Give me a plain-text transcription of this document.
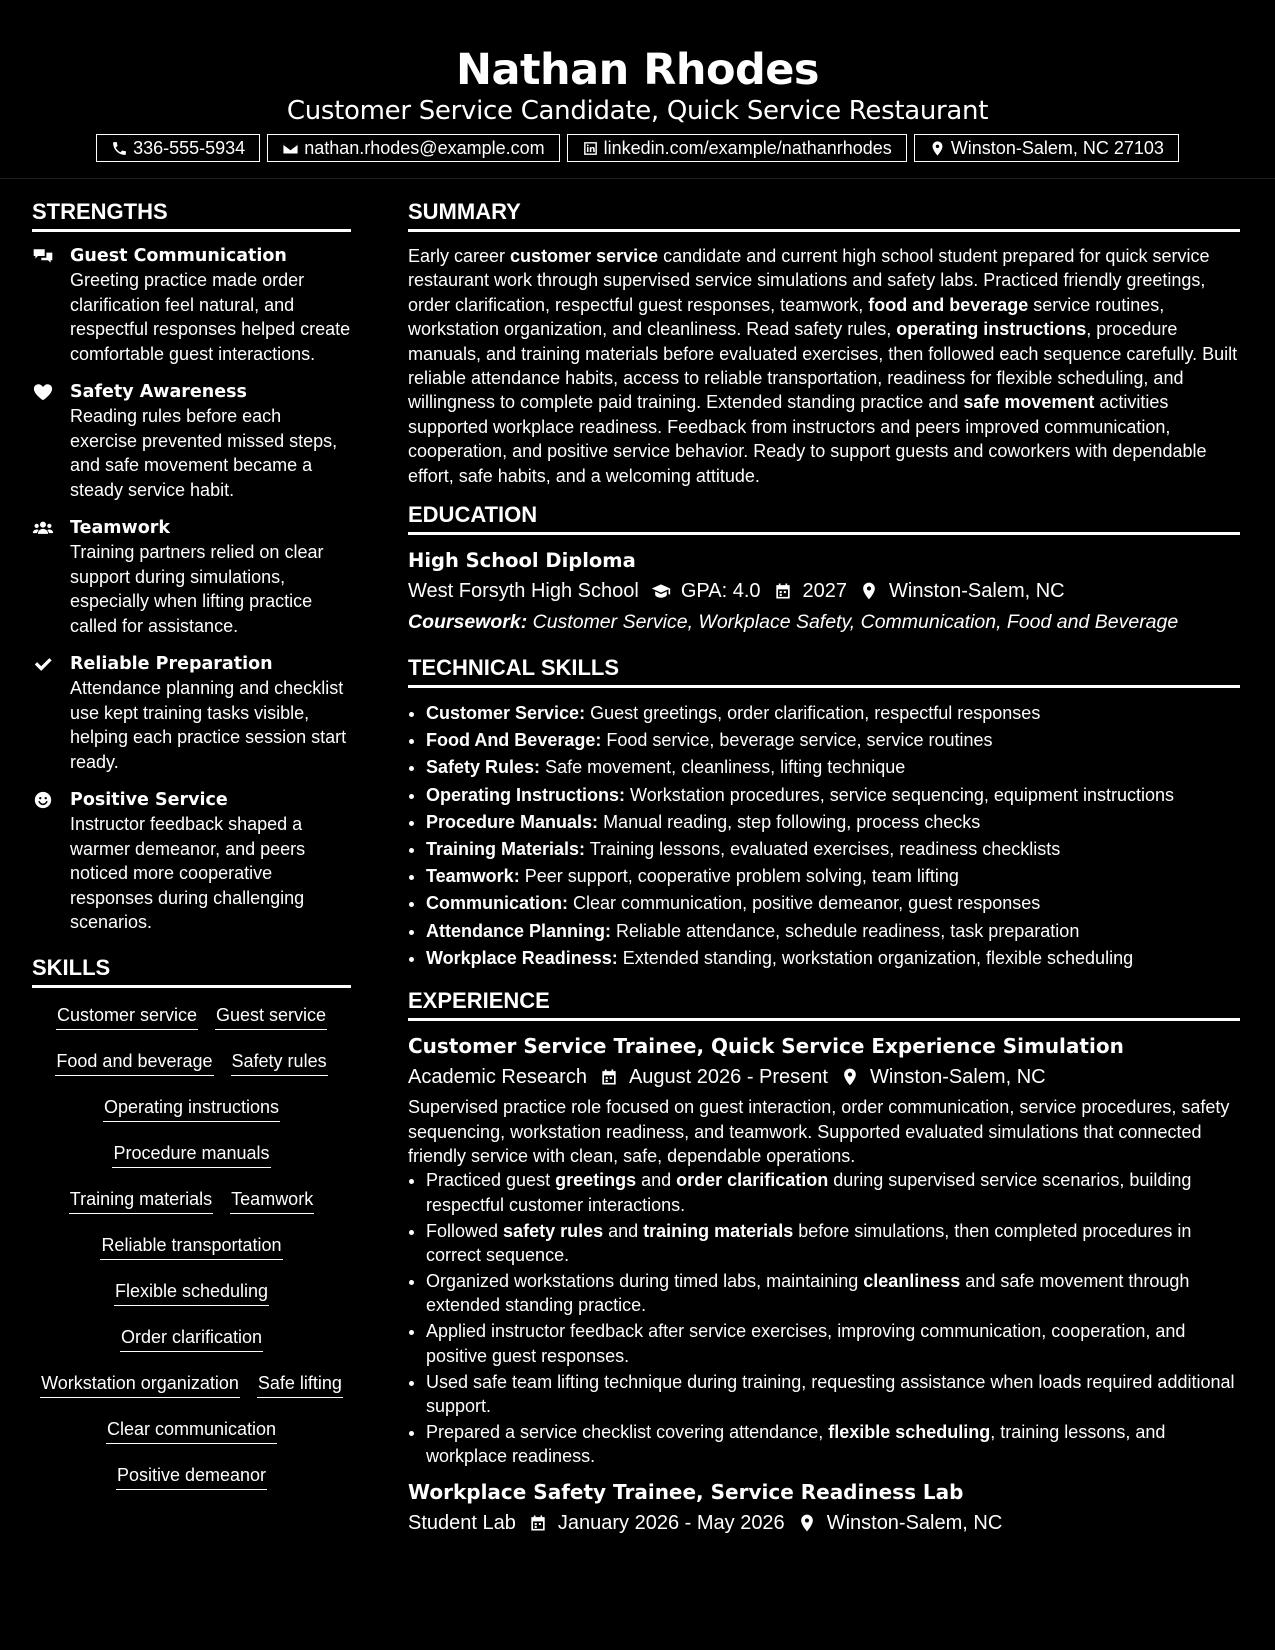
Nathan Rhodes
Customer Service Candidate, Quick Service Restaurant
336-555-5934	nathan.rhodes@example.com	linkedin.com/example/nathanrhodes	Winston-Salem, NC 27103
STRENGTHS
Guest Communication
Greeting practice made order clarification feel natural, and respectful responses helped create comfortable guest interactions.
Safety Awareness
Reading rules before each exercise prevented missed steps, and safe movement became a steady service habit.
Teamwork
Training partners relied on clear support during simulations, especially when lifting practice called for assistance.
Reliable Preparation
Attendance planning and checklist use kept training tasks visible, helping each practice session start ready.
Positive Service
Instructor feedback shaped a warmer demeanor, and peers noticed more cooperative responses during challenging scenarios.
SKILLS
Customer service Guest service
Food and beverage Safety rules
Operating instructions
Procedure manuals
Training materials Teamwork
Reliable transportation
Flexible scheduling
Order clarification
Workstation organization Safe lifting
Clear communication
Positive demeanor
SUMMARY

Early career customer service candidate and current high school student prepared for quick service restaurant work through supervised service simulations and safety labs. Practiced friendly greetings, order clarification, respectful guest responses, teamwork, food and beverage service routines, workstation organization, and cleanliness. Read safety rules, operating instructions, procedure manuals, and training materials before evaluated exercises, then followed each sequence carefully. Built reliable attendance habits, access to reliable transportation, readiness for flexible scheduling, and willingness to complete paid training. Extended standing practice and safe movement activities supported workplace readiness. Feedback from instructors and peers improved communication, cooperation, and positive service behavior. Ready to support guests and coworkers with dependable effort, safe habits, and a welcoming attitude.

EDUCATION
High School Diploma
West Forsyth High School GPA: 4.0 2027 Winston-Salem, NC
Coursework: Customer Service, Workplace Safety, Communication, Food and Beverage
TECHNICAL SKILLS
• Customer Service: Guest greetings, order clarification, respectful responses
• Food And Beverage: Food service, beverage service, service routines
• Safety Rules: Safe movement, cleanliness, lifting technique
• Operating Instructions: Workstation procedures, service sequencing, equipment instructions
• Procedure Manuals: Manual reading, step following, process checks
• Training Materials: Training lessons, evaluated exercises, readiness checklists
• Teamwork: Peer support, cooperative problem solving, team lifting
• Communication: Clear communication, positive demeanor, guest responses
• Attendance Planning: Reliable attendance, schedule readiness, task preparation
• Workplace Readiness: Extended standing, workstation organization, flexible scheduling
EXPERIENCE
Customer Service Trainee, Quick Service Experience Simulation
Academic Research August 2026 - Present Winston-Salem, NC
Supervised practice role focused on guest interaction, order communication, service procedures, safety sequencing, workstation readiness, and teamwork. Supported evaluated simulations that connected friendly service with clean, safe, dependable operations.
• Practiced guest greetings and order clarification during supervised service scenarios, building respectful customer interactions.
• Followed safety rules and training materials before simulations, then completed procedures in correct sequence.
• Organized workstations during timed labs, maintaining cleanliness and safe movement through extended standing practice.
• Applied instructor feedback after service exercises, improving communication, cooperation, and positive guest responses.
• Used safe team lifting technique during training, requesting assistance when loads required additional support.
• Prepared a service checklist covering attendance, flexible scheduling, training lessons, and workplace readiness.
Workplace Safety Trainee, Service Readiness Lab
Student Lab January 2026 - May 2026 Winston-Salem, NC
